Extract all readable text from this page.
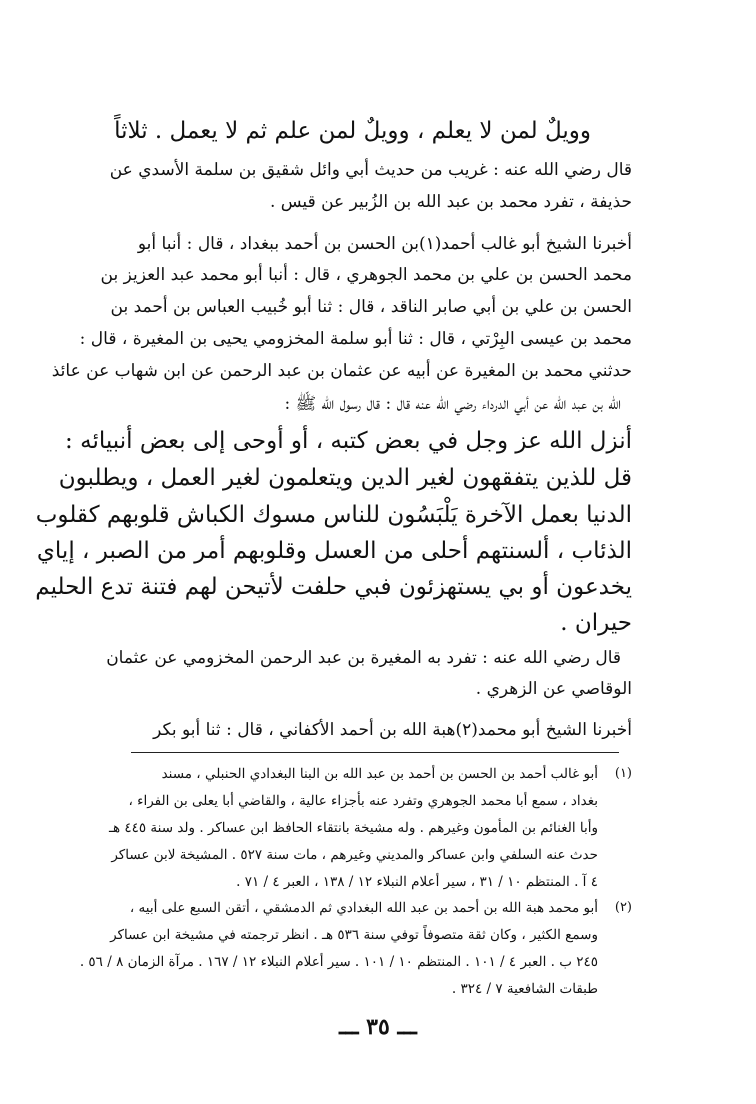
وويلٌ لمن لا يعلم ، وويلٌ لمن علم ثم لا يعمل . ثلاثاً
قال رضي الله عنه : غريب من حديث أبي وائل شقيق بن سلمة الأسدي عن
حذيفة ، تفرد محمد بن عبد الله بن الزُبير عن قيس .
أخبرنا الشيخ أبو غالب أحمد(١)بن الحسن بن أحمد ببغداد ، قال : أنبا أبو
محمد الحسن بن علي بن محمد الجوهري ، قال : أنبا أبو محمد عبد العزيز بن
الحسن بن علي بن أبي صابر الناقد ، قال : ثنا أبو خُبيب العباس بن أحمد بن
محمد بن عيسى البِرْتي ، قال : ثنا أبو سلمة المخزومي يحيى بن المغيرة ، قال :
حدثني محمد بن المغيرة عن أبيه عن عثمان بن عبد الرحمن عن ابن شهاب عن عائذ
الله بن عبد الله عن أبي الدرداء رضي الله عنه قال : قال رسول الله ﷺ :
أنزل الله عز وجل في بعض كتبه ، أو أوحى إلى بعض أنبيائه :
قل للذين يتفقهون لغير الدين ويتعلمون لغير العمل ، ويطلبون
الدنيا بعمل الآخرة يَلْبَسُون للناس مسوك الكباش قلوبهم كقلوب
الذئاب ، ألسنتهم أحلى من العسل وقلوبهم أمر من الصبر ، إياي
يخدعون أو بي يستهزئون فبي حلفت لأتيحن لهم فتنة تدع الحليم
حيران .
قال رضي الله عنه : تفرد به المغيرة بن عبد الرحمن المخزومي عن عثمان
الوقاصي عن الزهري .
أخبرنا الشيخ أبو محمد(٢)هبة الله بن أحمد الأكفاني ، قال : ثنا أبو بكر
(١)
أبو غالب أحمد بن الحسن بن أحمد بن عبد الله بن البنا البغدادي الحنبلي ، مسند
بغداد ، سمع أبا محمد الجوهري وتفرد عنه بأجزاء عالية ، والقاضي أبا يعلى بن الفراء ،
وأبا الغنائم بن المأمون وغيرهم . وله مشيخة بانتقاء الحافظ ابن عساكر . ولد سنة ٤٤٥ هـ
حدث عنه السلفي وابن عساكر والمديني وغيرهم ، مات سنة ٥٢٧ . المشيخة لابن عساكر
٤ آ . المنتظم ١٠ / ٣١ ، سير أعلام النبلاء ١٢ / ١٣٨ ، العبر ٤ / ٧١ .
(٢)
أبو محمد هبة الله بن أحمد بن عبد الله البغدادي ثم الدمشقي ، أتقن السبع على أبيه ،
وسمع الكثير ، وكان ثقة متصوفاً توفي سنة ٥٣٦ هـ . انظر ترجمته في مشيخة ابن عساكر
٢٤٥ ب . العبر ٤ / ١٠١ . المنتظم ١٠ / ١٠١ . سير أعلام النبلاء ١٢ / ١٦٧ . مرآة الزمان ٨ / ٥٦ .
طبقات الشافعية ٧ / ٣٢٤ .
ـــ ٣٥ ـــ
